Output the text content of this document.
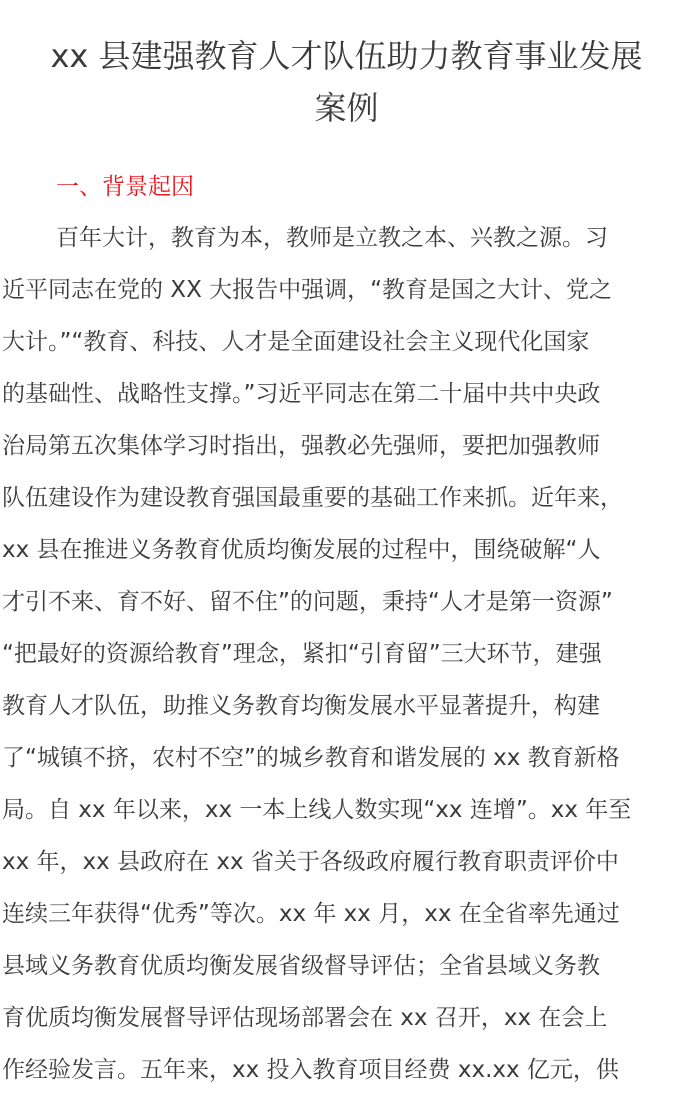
xx 县建强教育人才队伍助力教育事业发展
案例
一、背景起因
百年大计，教育为本，教师是立教之本、兴教之源。习
近平同志在党的 XX 大报告中强调，“教育是国之大计、党之
大计。”“教育、科技、人才是全面建设社会主义现代化国家
的基础性、战略性支撑。”习近平同志在第二十届中共中央政
治局第五次集体学习时指出，强教必先强师，要把加强教师
队伍建设作为建设教育强国最重要的基础工作来抓。近年来，
xx 县在推进义务教育优质均衡发展的过程中，围绕破解“人
才引不来、育不好、留不住”的问题，秉持“人才是第一资源”
“把最好的资源给教育”理念，紧扣“引育留”三大环节，建强
教育人才队伍，助推义务教育均衡发展水平显著提升，构建
了“城镇不挤，农村不空”的城乡教育和谐发展的 xx 教育新格
局。自 xx 年以来，xx 一本上线人数实现“xx 连增”。xx 年至
xx 年，xx 县政府在 xx 省关于各级政府履行教育职责评价中
连续三年获得“优秀”等次。xx 年 xx 月，xx 在全省率先通过
县域义务教育优质均衡发展省级督导评估；全省县域义务教
育优质均衡发展督导评估现场部署会在 xx 召开，xx 在会上
作经验发言。五年来，xx 投入教育项目经费 xx.xx 亿元，供
